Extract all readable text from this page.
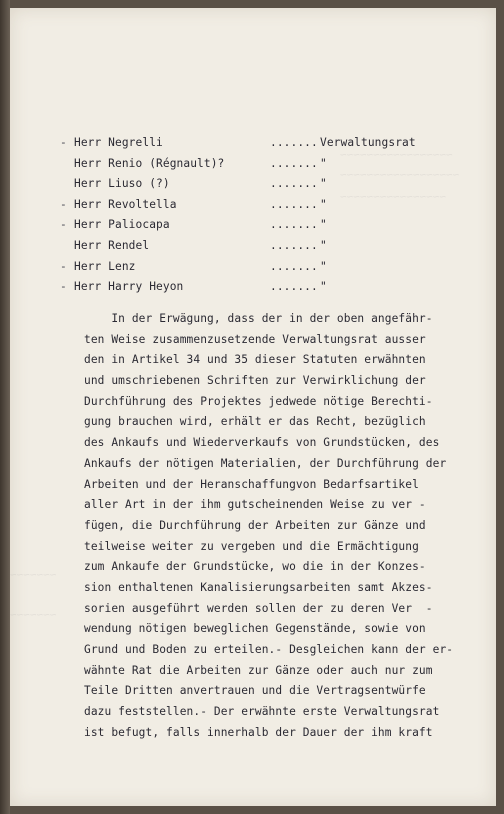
~~~~~~~~~~~~~~~~~
~~~~~~~~~~~~~~~~~~
~~~~~~~~~~~~~~~~
~~~~~~~
~~~~~~~
- Herr Negrelli	....... Verwaltungsrat
Herr Renio (Régnault)?	....... "
Herr Liuso (?)	....... "
- Herr Revoltella	....... "
- Herr Paliocapa	....... "
Herr Rendel	....... "
- Herr Lenz	....... "
- Herr Harry Heyon	....... "
In der Erwägung, dass der in der oben angefähr-
ten Weise zusammenzusetzende Verwaltungsrat ausser
den in Artikel 34 und 35 dieser Statuten erwähnten
und umschriebenen Schriften zur Verwirklichung der
Durchführung des Projektes jedwede nötige Berechti-
gung brauchen wird, erhält er das Recht, bezüglich
des Ankaufs und Wiederverkaufs von Grundstücken, des
Ankaufs der nötigen Materialien, der Durchführung der
Arbeiten und der Heranschaffungvon Bedarfsartikel
aller Art in der ihm gutscheinenden Weise zu ver -
fügen, die Durchführung der Arbeiten zur Gänze und
teilweise weiter zu vergeben und die Ermächtigung
zum Ankaufe der Grundstücke, wo die in der Konzes-
sion enthaltenen Kanalisierungsarbeiten samt Akzes-
sorien ausgeführt werden sollen der zu deren Ver  -
wendung nötigen beweglichen Gegenstände, sowie von
Grund und Boden zu erteilen.- Desgleichen kann der er-
wähnte Rat die Arbeiten zur Gänze oder auch nur zum
Teile Dritten anvertrauen und die Vertragsentwürfe
dazu feststellen.- Der erwähnte erste Verwaltungsrat
ist befugt, falls innerhalb der Dauer der ihm kraft
